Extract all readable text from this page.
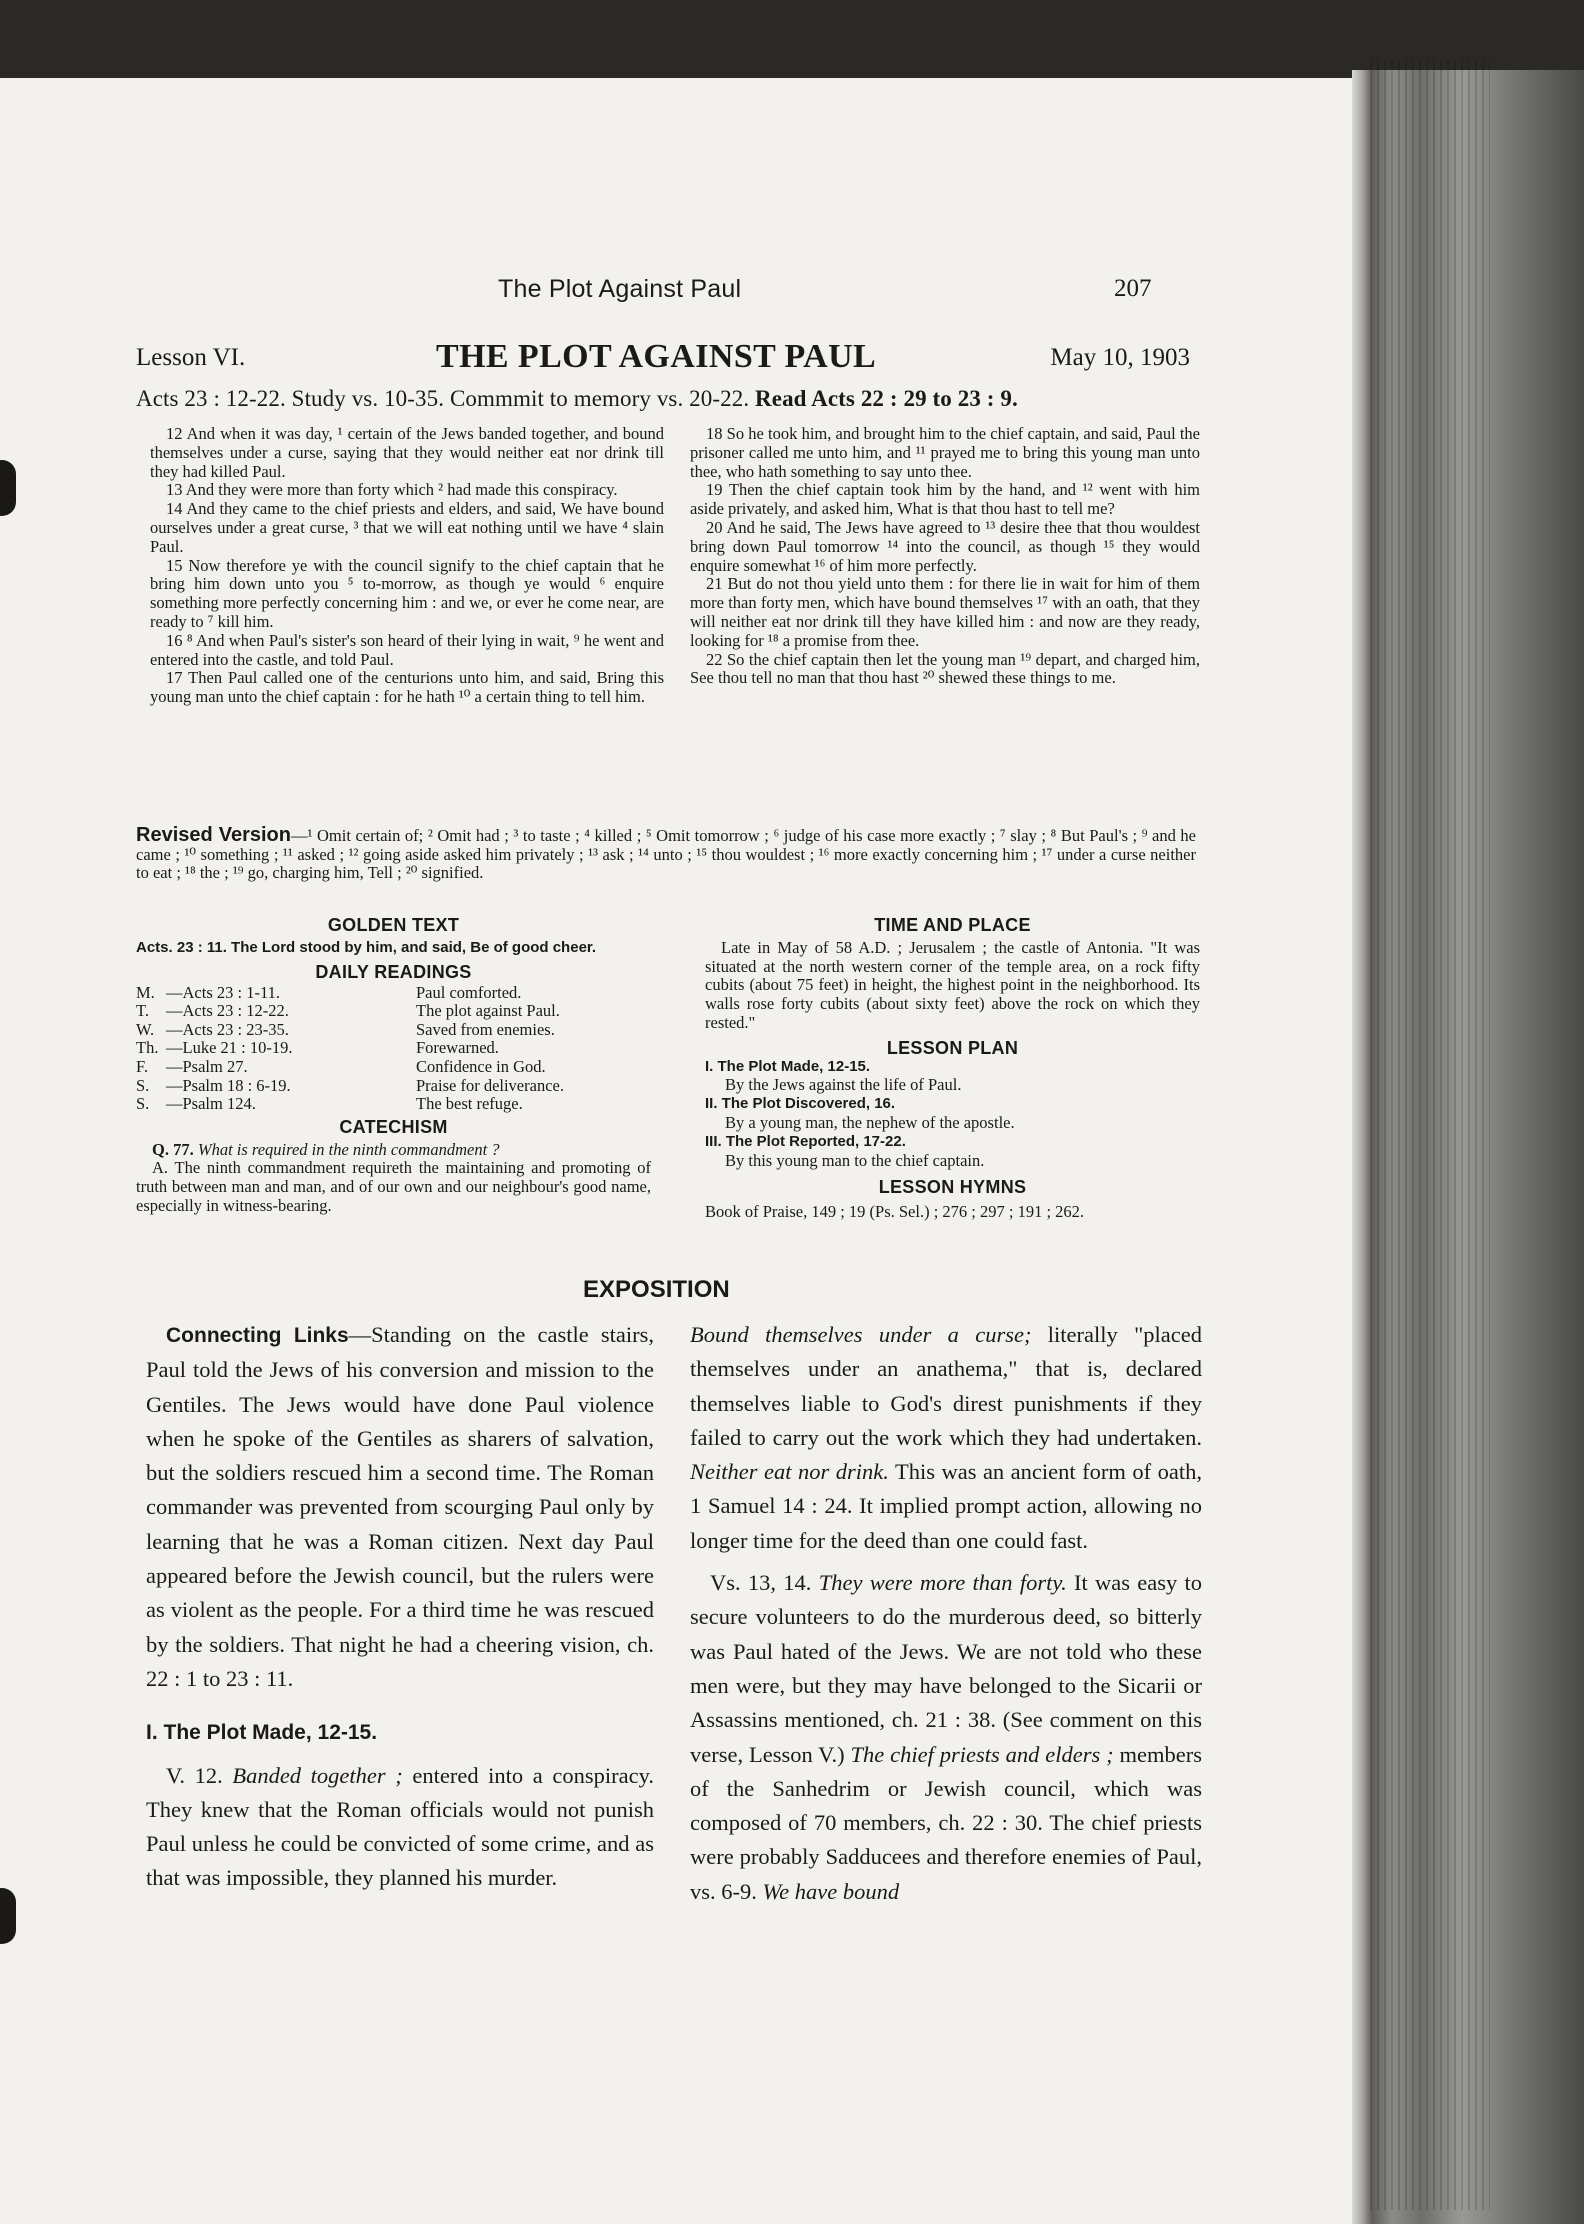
The Plot Against Paul	207
Lesson VI.	THE PLOT AGAINST PAUL	May 10, 1903
Acts 23 : 12-22. Study vs. 10-35. Commmit to memory vs. 20-22. Read Acts 22 : 29 to 23 : 9.

12 And when it was day, ¹ certain of the Jews banded together, and bound themselves under a curse, saying that they would neither eat nor drink till they had killed Paul.

13 And they were more than forty which ² had made this conspiracy.

14 And they came to the chief priests and elders, and said, We have bound ourselves under a great curse, ³ that we will eat nothing until we have ⁴ slain Paul.

15 Now therefore ye with the council signify to the chief captain that he bring him down unto you ⁵ to-morrow, as though ye would ⁶ enquire something more perfectly concerning him : and we, or ever he come near, are ready to ⁷ kill him.

16 ⁸ And when Paul's sister's son heard of their lying in wait, ⁹ he went and entered into the castle, and told Paul.

17 Then Paul called one of the centurions unto him, and said, Bring this young man unto the chief captain : for he hath ¹⁰ a certain thing to tell him.

18 So he took him, and brought him to the chief captain, and said, Paul the prisoner called me unto him, and ¹¹ prayed me to bring this young man unto thee, who hath something to say unto thee.

19 Then the chief captain took him by the hand, and ¹² went with him aside privately, and asked him, What is that thou hast to tell me?

20 And he said, The Jews have agreed to ¹³ desire thee that thou wouldest bring down Paul tomorrow ¹⁴ into the council, as though ¹⁵ they would enquire somewhat ¹⁶ of him more perfectly.

21 But do not thou yield unto them : for there lie in wait for him of them more than forty men, which have bound themselves ¹⁷ with an oath, that they will neither eat nor drink till they have killed him : and now are they ready, looking for ¹⁸ a promise from thee.

22 So the chief captain then let the young man ¹⁹ depart, and charged him, See thou tell no man that thou hast ²⁰ shewed these things to me.

Revised Version—¹ Omit certain of; ² Omit had ; ³ to taste ; ⁴ killed ; ⁵ Omit tomorrow ; ⁶ judge of his case more exactly ; ⁷ slay ; ⁸ But Paul's ; ⁹ and he came ; ¹⁰ something ; ¹¹ asked ; ¹² going aside asked him privately ; ¹³ ask ; ¹⁴ unto ; ¹⁵ thou wouldest ; ¹⁶ more exactly concerning him ; ¹⁷ under a curse neither to eat ; ¹⁸ the ; ¹⁹ go, charging him, Tell ; ²⁰ signified.

GOLDEN TEXT

Acts. 23 : 11. The Lord stood by him, and said, Be of good cheer.

DAILY READINGS

M.	—Acts 23 : 1-11.	Paul comforted.
T.	—Acts 23 : 12-22.	The plot against Paul.
W.	—Acts 23 : 23-35.	Saved from enemies.
Th.	—Luke 21 : 10-19.	Forewarned.
F.	—Psalm 27.	Confidence in God.
S.	—Psalm 18 : 6-19.	Praise for deliverance.
S.	—Psalm 124.	The best refuge.

CATECHISM

Q. 77. What is required in the ninth commandment ?

A. The ninth commandment requireth the maintaining and promoting of truth between man and man, and of our own and our neighbour's good name, especially in witness-bearing.

TIME AND PLACE

Late in May of 58 A.D. ; Jerusalem ; the castle of Antonia. "It was situated at the north western corner of the temple area, on a rock fifty cubits (about 75 feet) in height, the highest point in the neighborhood. Its walls rose forty cubits (about sixty feet) above the rock on which they rested."

LESSON PLAN

I. The Plot Made, 12-15.

By the Jews against the life of Paul.

II. The Plot Discovered, 16.

By a young man, the nephew of the apostle.

III. The Plot Reported, 17-22.

By this young man to the chief captain.

LESSON HYMNS

Book of Praise, 149 ; 19 (Ps. Sel.) ; 276 ; 297 ; 191 ; 262.

EXPOSITION

Connecting Links—Standing on the castle stairs, Paul told the Jews of his conversion and mission to the Gentiles. The Jews would have done Paul violence when he spoke of the Gentiles as sharers of salvation, but the soldiers rescued him a second time. The Roman commander was prevented from scourging Paul only by learning that he was a Roman citizen. Next day Paul appeared before the Jewish council, but the rulers were as violent as the people. For a third time he was rescued by the soldiers. That night he had a cheering vision, ch. 22 : 1 to 23 : 11.

I. The Plot Made, 12-15.

V. 12. Banded together ; entered into a conspiracy. They knew that the Roman officials would not punish Paul unless he could be convicted of some crime, and as that was impossible, they planned his murder.

Bound themselves under a curse; literally "placed themselves under an anathema," that is, declared themselves liable to God's direst punishments if they failed to carry out the work which they had undertaken. Neither eat nor drink. This was an ancient form of oath, 1 Samuel 14 : 24. It implied prompt action, allowing no longer time for the deed than one could fast.

Vs. 13, 14. They were more than forty. It was easy to secure volunteers to do the murderous deed, so bitterly was Paul hated of the Jews. We are not told who these men were, but they may have belonged to the Sicarii or Assassins mentioned, ch. 21 : 38. (See comment on this verse, Lesson V.) The chief priests and elders ; members of the Sanhedrim or Jewish council, which was composed of 70 members, ch. 22 : 30. The chief priests were probably Sadducees and therefore enemies of Paul, vs. 6-9. We have bound
